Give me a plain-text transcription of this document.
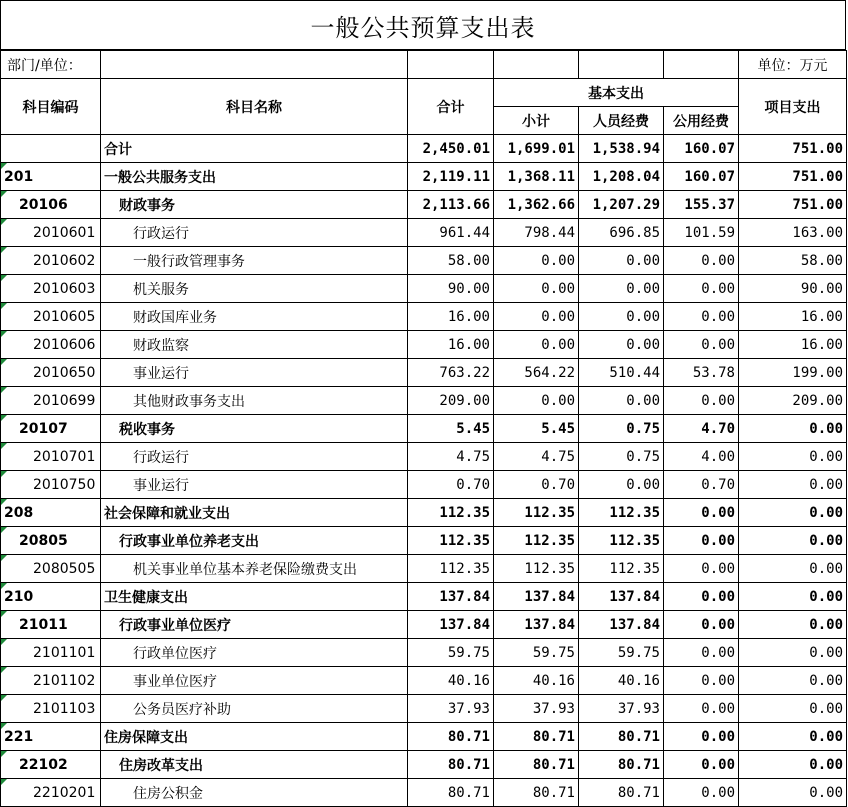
一般公共预算支出表
部门/单位：						单位：万元
科目编码	科目名称	合计	基本支出			项目支出
			小计	人员经费	公用经费	
	合计	2,450.01	1,699.01	1,538.94	160.07	751.00
201	一般公共服务支出	2,119.11	1,368.11	1,208.04	160.07	751.00
20106	财政事务	2,113.66	1,362.66	1,207.29	155.37	751.00
2010601	行政运行	961.44	798.44	696.85	101.59	163.00
2010602	一般行政管理事务	58.00	0.00	0.00	0.00	58.00
2010603	机关服务	90.00	0.00	0.00	0.00	90.00
2010605	财政国库业务	16.00	0.00	0.00	0.00	16.00
2010606	财政监察	16.00	0.00	0.00	0.00	16.00
2010650	事业运行	763.22	564.22	510.44	53.78	199.00
2010699	其他财政事务支出	209.00	0.00	0.00	0.00	209.00
20107	税收事务	5.45	5.45	0.75	4.70	0.00
2010701	行政运行	4.75	4.75	0.75	4.00	0.00
2010750	事业运行	0.70	0.70	0.00	0.70	0.00
208	社会保障和就业支出	112.35	112.35	112.35	0.00	0.00
20805	行政事业单位养老支出	112.35	112.35	112.35	0.00	0.00
2080505	机关事业单位基本养老保险缴费支出	112.35	112.35	112.35	0.00	0.00
210	卫生健康支出	137.84	137.84	137.84	0.00	0.00
21011	行政事业单位医疗	137.84	137.84	137.84	0.00	0.00
2101101	行政单位医疗	59.75	59.75	59.75	0.00	0.00
2101102	事业单位医疗	40.16	40.16	40.16	0.00	0.00
2101103	公务员医疗补助	37.93	37.93	37.93	0.00	0.00
221	住房保障支出	80.71	80.71	80.71	0.00	0.00
22102	住房改革支出	80.71	80.71	80.71	0.00	0.00
2210201	住房公积金	80.71	80.71	80.71	0.00	0.00
